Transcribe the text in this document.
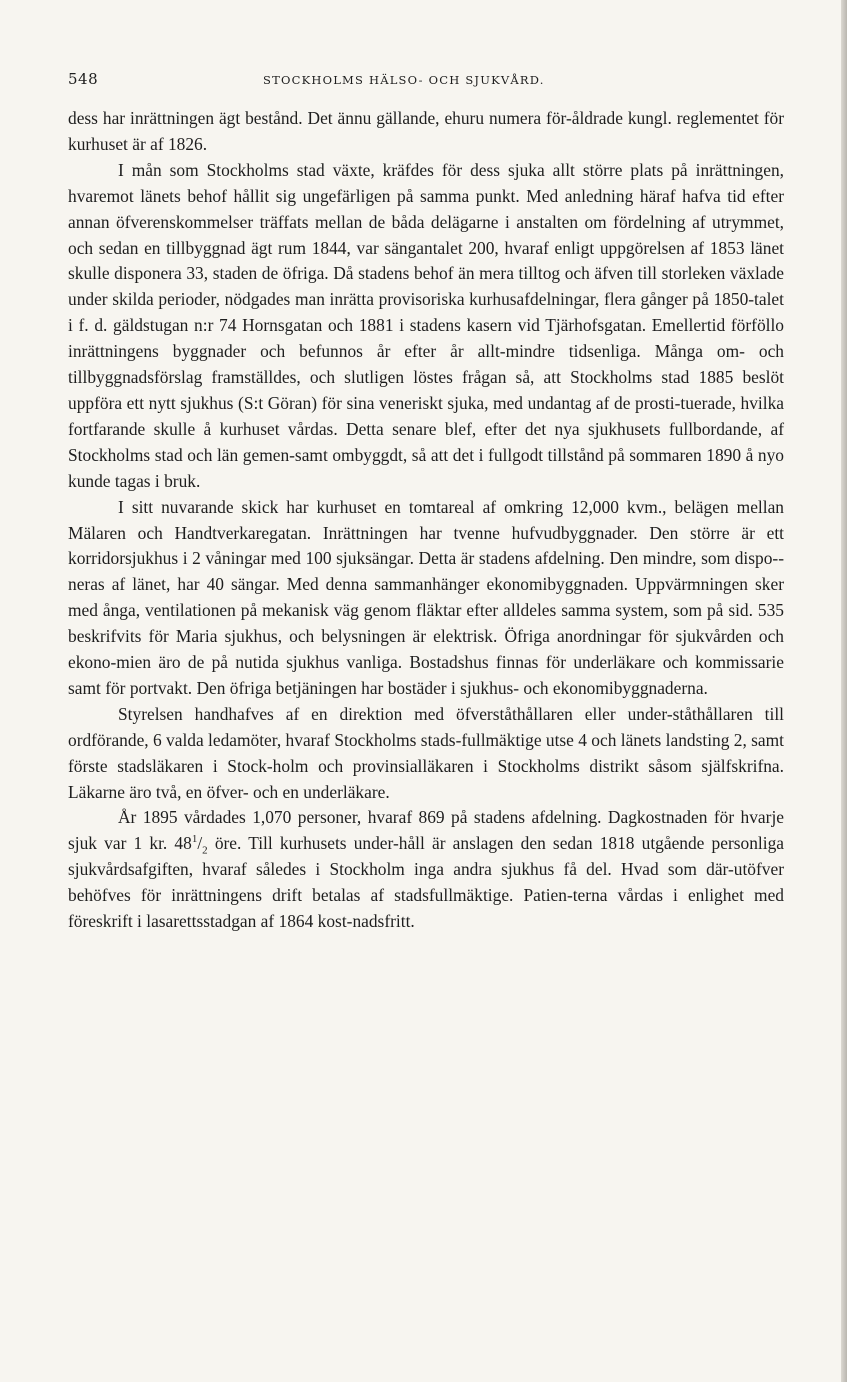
548	STOCKHOLMS HÄLSO- OCH SJUKVÅRD.

dess har inrättningen ägt bestånd. Det ännu gällande, ehuru numera för-åldrade kungl. reglementet för kurhuset är af 1826.

I mån som Stockholms stad växte, kräfdes för dess sjuka allt större plats på inrättningen, hvaremot länets behof hållit sig ungefärligen på samma punkt. Med anledning häraf hafva tid efter annan öfverenskommelser träffats mellan de båda delägarne i anstalten om fördelning af utrymmet, och sedan en tillbyggnad ägt rum 1844, var sängantalet 200, hvaraf enligt uppgörelsen af 1853 länet skulle disponera 33, staden de öfriga. Då stadens behof än mera tilltog och äfven till storleken växlade under skilda perioder, nödgades man inrätta provisoriska kurhusafdelningar, flera gånger på 1850-talet i f. d. gäldstugan n:r 74 Hornsgatan och 1881 i stadens kasern vid Tjärhofsgatan. Emellertid förföllo inrättningens byggnader och befunnos år efter år allt-mindre tidsenliga. Många om- och tillbyggnadsförslag framställdes, och slutligen löstes frågan så, att Stockholms stad 1885 beslöt uppföra ett nytt sjukhus (S:t Göran) för sina veneriskt sjuka, med undantag af de prosti-tuerade, hvilka fortfarande skulle å kurhuset vårdas. Detta senare blef, efter det nya sjukhusets fullbordande, af Stockholms stad och län gemen-samt ombyggdt, så att det i fullgodt tillstånd på sommaren 1890 å nyo kunde tagas i bruk.

I sitt nuvarande skick har kurhuset en tomtareal af omkring 12,000 kvm., belägen mellan Mälaren och Handtverkaregatan. Inrättningen har tvenne hufvudbyggnader. Den större är ett korridorsjukhus i 2 våningar med 100 sjuksängar. Detta är stadens afdelning. Den mindre, som dispo-neras af länet, har 40 sängar. Med denna sammanhänger ekonomibyggnaden. Uppvärmningen sker med ånga, ventilationen på mekanisk väg genom fläktar efter alldeles samma system, som på sid. 535 beskrifvits för Maria sjukhus, och belysningen är elektrisk. Öfriga anordningar för sjukvården och ekono-mien äro de på nutida sjukhus vanliga. Bostadshus finnas för underläkare och kommissarie samt för portvakt. Den öfriga betjäningen har bostäder i sjukhus- och ekonomibyggnaderna.

Styrelsen handhafves af en direktion med öfverståthållaren eller under-ståthållaren till ordförande, 6 valda ledamöter, hvaraf Stockholms stads-fullmäktige utse 4 och länets landsting 2, samt förste stadsläkaren i Stock-holm och provinsialläkaren i Stockholms distrikt såsom själfskrifna. Läkarne äro två, en öfver- och en underläkare.

År 1895 vårdades 1,070 personer, hvaraf 869 på stadens afdelning. Dagkostnaden för hvarje sjuk var 1 kr. $48^1/_2$ öre. Till kurhusets under-håll är anslagen den sedan 1818 utgående personliga sjukvårdsafgiften, hvaraf således i Stockholm inga andra sjukhus få del. Hvad som där-utöfver behöfves för inrättningens drift betalas af stadsfullmäktige. Patien-terna vårdas i enlighet med föreskrift i lasarettsstadgan af 1864 kost-nadsfritt.
